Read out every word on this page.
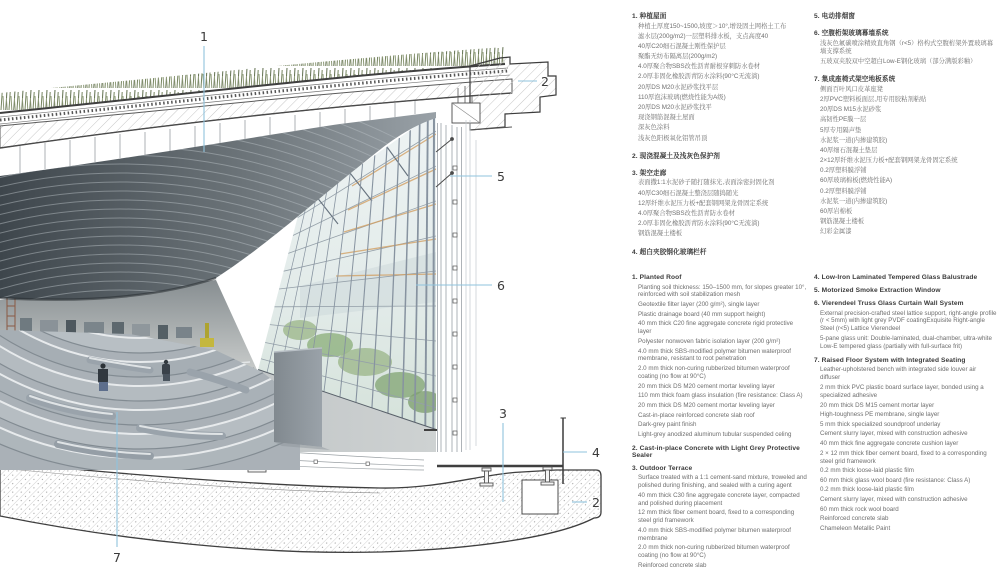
1
2
5
6
3
4
2
7
1. 种植屋面
种植土厚度150~1500,坡度＞10°,增设固土网格土工布
滤水层(200g/m2)一层塑料排水板，支点高度40
40厚C20细石混凝土刚性保护层
聚酯无纺布隔离层(200g/m2)
4.0厚聚合物SBS改性沥青耐根穿刺防水卷材
2.0厚非固化橡胶沥青防水涂料(90°C无流淌)
20厚DS M20水泥砂浆找平层
110厚泡沫玻璃(燃烧性能为A级)
20厚DS M20水泥砂浆找平
现浇钢筋混凝土屋面
深灰色涂料
浅灰色阳极氧化铝管吊顶
2. 现浇混凝土及浅灰色保护剂
3. 架空走廊
表面撒1:1水泥砂子随打随抹光,表面涂密封固化剂
40厚C30细石混凝土整浇层随捣随光
12厚纤维水泥压力板+配套钢网架龙骨固定系统
4.0厚聚合物SBS改性沥青防水卷材
2.0厚非固化橡胶沥青防水涂料(90°C无流淌)
钢筋混凝土楼板
4. 超白夹胶钢化玻璃栏杆
1. Planted Roof
Planting soil thickness: 150–1500 mm, for slopes greater 10°, reinforced with soil stabilization mesh
Geotextile filter layer (200 g/m²), single layer
Plastic drainage board (40 mm support height)
40 mm thick C20 fine aggregate concrete rigid protective layer
Polyester nonwoven fabric isolation layer (200 g/m²)
4.0 mm thick SBS-modified polymer bitumen waterproof membrane, resistant to root penetration
2.0 mm thick non-curing rubberized bitumen waterproof coating (no flow at 90°C)
20 mm thick DS M20 cement mortar leveling layer
110 mm thick foam glass insulation (fire resistance: Class A)
20 mm thick DS M20 cement mortar leveling layer
Cast-in-place reinforced concrete slab roof
Dark-grey paint finish
Light-grey anodized aluminum tubular suspended celing
2. Cast-in-place Concrete with Light Grey Protective Sealer
3. Outdoor Terrace
Surface treated with a 1:1 cement-sand mixture, troweled and polished during finishing, and sealed with a curing agent
40 mm thick C30 fine aggregate concrete layer, compacted and polished during placement
12 mm thick fiber cement board, fixed to a corresponding steel grid framework
4.0 mm thick SBS-modified polymer bitumen waterproof membrane
2.0 mm thick non-curing rubberized bitumen waterproof coating (no flow at 90°C)
Reinforced concrete slab
5. 电动排烟窗
6. 空腹桁架玻璃幕墙系统
浅灰色氟碳喷涂精致直角钢（r<5）格构式空腹桁架外置玻璃幕墙支撑系统
五玻双夹胶双中空超白Low-E钢化玻璃（部分满版彩釉）
7. 集成座椅式架空地板系统
侧面百叶风口皮革座凳
2厚PVC塑料板面层,用专用胶粘剂粘贴
20厚DS M15水泥砂浆
高韧性PE膜一层
5厚专用隔声垫
水泥浆一道(内掺建筑胶)
40厚细石混凝土垫层
2×12厚纤维水泥压力板+配套钢网架龙骨固定系统
0.2厚塑料膜浮铺
60厚玻璃棉板(燃烧性能A)
0.2厚塑料膜浮铺
水泥浆一道(内掺建筑胶)
60厚岩棉板
钢筋混凝土楼板
幻彩金属漆
4. Low-Iron Laminated Tempered Glass Balustrade
5. Motorized Smoke Extraction Window
6. Vierendeel Truss Glass Curtain Wall System
External precision-crafted steel lattice support, right-angle profile (r < 5mm) with light grey PVDF coatingExquisite Right-angle Steel (r<5) Lattice Vierendeel
5-pane glass unit: Double-laminated, dual-chamber, ultra-white Low-E tempered glass (partially with full-surface frit)
7. Raised Floor System with Integrated Seating
Leather-upholstered bench with integrated side louver air diffuser
2 mm thick PVC plastic board surface layer, bonded using a specialized adhesive
20 mm thick DS M15 cement mortar layer
High-toughness PE membrane, single layer
5 mm thick specialized soundproof underlay
Cement slurry layer, mixed with construction adhesive
40 mm thick fine aggregate concrete cushion layer
2 × 12 mm thick fiber cement board, fixed to a corresponding steel grid framework
0.2 mm thick loose-laid plastic film
60 mm thick glass wool board (fire resistance: Class A)
0.2 mm thick loose-laid plastic film
Cement slurry layer, mixed with construction adhesive
60 mm thick rock wool board
Reinforced concrete slab
Chameleon Metallic Paint
